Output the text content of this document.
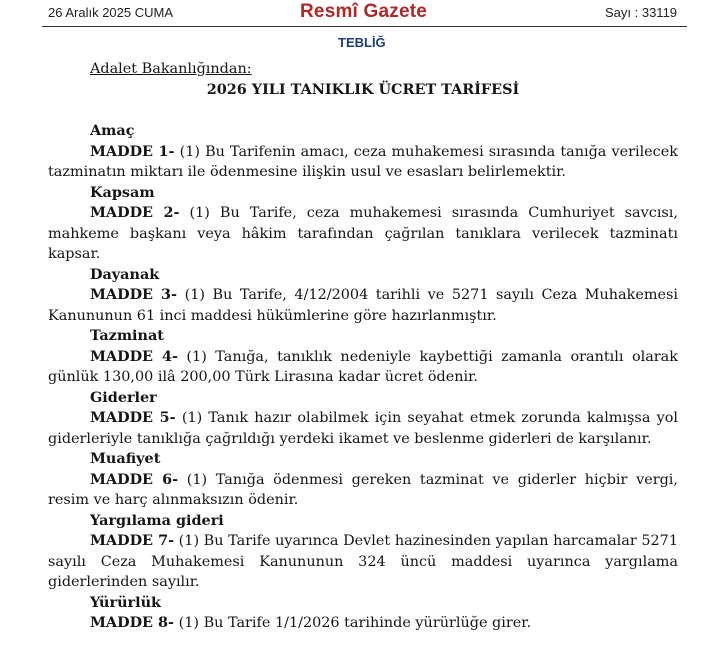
26 Aralık 2025 CUMA	Resmî Gazete	Sayı : 33119
TEBLİĞ
Adalet Bakanlığından:
2026 YILI TANIKLIK ÜCRET TARİFESİ
Amaç
MADDE 1- (1) Bu Tarifenin amacı, ceza muhakemesi sırasında tanığa verilecek tazminatın miktarı ile ödenmesine ilişkin usul ve esasları belirlemektir.
Kapsam
MADDE 2- (1) Bu Tarife, ceza muhakemesi sırasında Cumhuriyet savcısı, mahkeme başkanı veya hâkim tarafından çağrılan tanıklara verilecek tazminatı kapsar.
Dayanak
MADDE 3- (1) Bu Tarife, 4/12/2004 tarihli ve 5271 sayılı Ceza Muhakemesi Kanununun 61 inci maddesi hükümlerine göre hazırlanmıştır.
Tazminat
MADDE 4- (1) Tanığa, tanıklık nedeniyle kaybettiği zamanla orantılı olarak günlük 130,00 ilâ 200,00 Türk Lirasına kadar ücret ödenir.
Giderler
MADDE 5- (1) Tanık hazır olabilmek için seyahat etmek zorunda kalmışsa yol giderleriyle tanıklığa çağrıldığı yerdeki ikamet ve beslenme giderleri de karşılanır.
Muafiyet
MADDE 6- (1) Tanığa ödenmesi gereken tazminat ve giderler hiçbir vergi, resim ve harç alınmaksızın ödenir.
Yargılama gideri
MADDE 7- (1) Bu Tarife uyarınca Devlet hazinesinden yapılan harcamalar 5271 sayılı Ceza Muhakemesi Kanununun 324 üncü maddesi uyarınca yargılama giderlerinden sayılır.
Yürürlük
MADDE 8- (1) Bu Tarife 1/1/2026 tarihinde yürürlüğe girer.
